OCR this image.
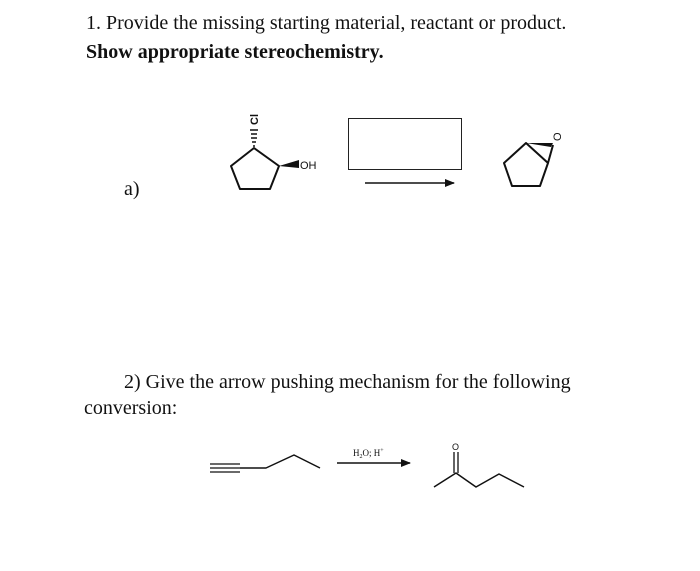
1. Provide the missing starting material, reactant or product.
Show appropriate stereochemistry.
a)
2) Give the arrow pushing mechanism for the following
conversion:
Cl
OH
O
$H_2O$; H+	O
